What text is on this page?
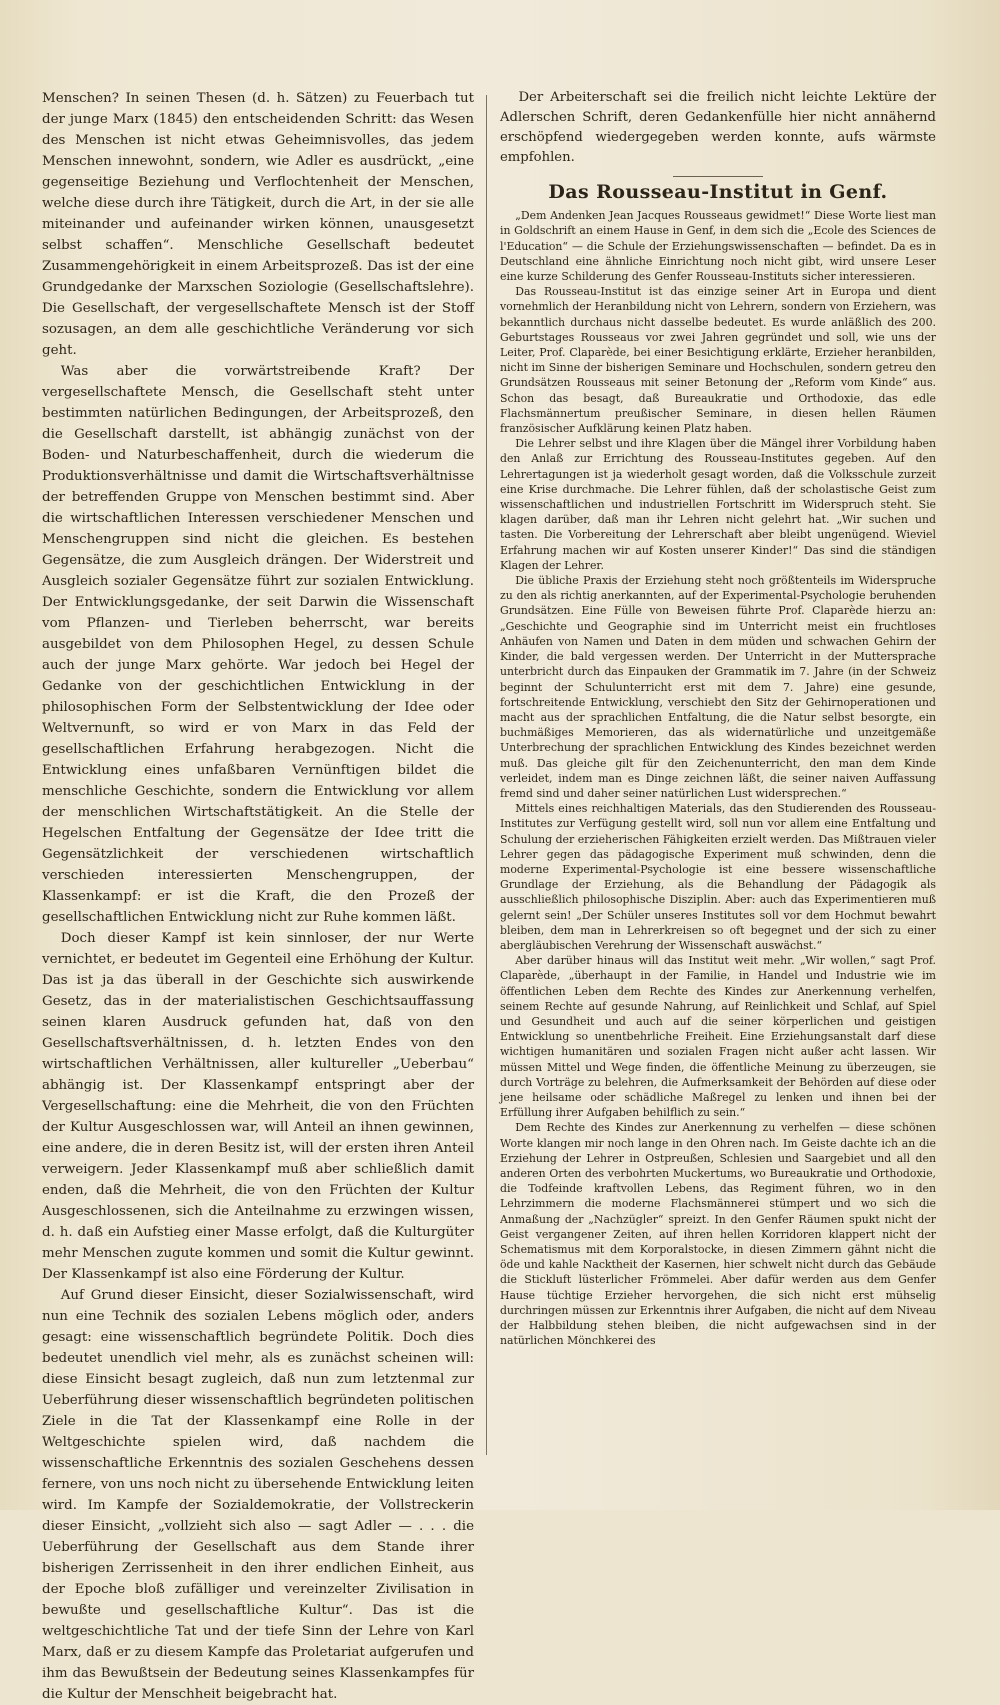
Menschen? In seinen Thesen (d. h. Sätzen) zu Feuerbach tut der junge Marx (1845) den entscheidenden Schritt: das Wesen des Menschen ist nicht etwas Geheimnisvolles, das jedem Menschen innewohnt, sondern, wie Adler es ausdrückt, „eine gegenseitige Beziehung und Verflochtenheit der Menschen, welche diese durch ihre Tätigkeit, durch die Art, in der sie alle miteinander und aufeinander wirken können, unausgesetzt selbst schaffen“. Menschliche Gesellschaft bedeutet Zusammengehörigkeit in einem Arbeitsprozeß. Das ist der eine Grundgedanke der Marxschen Soziologie (Gesellschaftslehre). Die Gesellschaft, der vergesellschaftete Mensch ist der Stoff sozusagen, an dem alle geschichtliche Veränderung vor sich geht.

Was aber die vorwärtstreibende Kraft? Der vergesellschaftete Mensch, die Gesellschaft steht unter bestimmten natürlichen Bedingungen, der Arbeitsprozeß, den die Gesellschaft darstellt, ist abhängig zunächst von der Boden- und Naturbeschaffenheit, durch die wiederum die Produktionsverhältnisse und damit die Wirtschaftsverhältnisse der betreffenden Gruppe von Menschen bestimmt sind. Aber die wirtschaftlichen Interessen verschiedener Menschen und Menschengruppen sind nicht die gleichen. Es bestehen Gegensätze, die zum Ausgleich drängen. Der Widerstreit und Ausgleich sozialer Gegensätze führt zur sozialen Entwicklung. Der Entwicklungsgedanke, der seit Darwin die Wissenschaft vom Pflanzen- und Tierleben beherrscht, war bereits ausgebildet von dem Philosophen Hegel, zu dessen Schule auch der junge Marx gehörte. War jedoch bei Hegel der Gedanke von der geschichtlichen Entwicklung in der philosophischen Form der Selbstentwicklung der Idee oder Weltvernunft, so wird er von Marx in das Feld der gesellschaftlichen Erfahrung herabgezogen. Nicht die Entwicklung eines unfaßbaren Vernünftigen bildet die menschliche Geschichte, sondern die Entwicklung vor allem der menschlichen Wirtschaftstätigkeit. An die Stelle der Hegelschen Entfaltung der Gegensätze der Idee tritt die Gegensätzlichkeit der verschiedenen wirtschaftlich verschieden interessierten Menschengruppen, der Klassenkampf: er ist die Kraft, die den Prozeß der gesellschaftlichen Entwicklung nicht zur Ruhe kommen läßt.

Doch dieser Kampf ist kein sinnloser, der nur Werte vernichtet, er bedeutet im Gegenteil eine Erhöhung der Kultur. Das ist ja das überall in der Geschichte sich auswirkende Gesetz, das in der materialistischen Geschichtsauffassung seinen klaren Ausdruck gefunden hat, daß von den Gesellschaftsverhältnissen, d. h. letzten Endes von den wirtschaftlichen Verhältnissen, aller kultureller „Ueberbau“ abhängig ist. Der Klassenkampf entspringt aber der Vergesellschaftung: eine die Mehrheit, die von den Früchten der Kultur Ausgeschlossen war, will Anteil an ihnen gewinnen, eine andere, die in deren Besitz ist, will der ersten ihren Anteil verweigern. Jeder Klassenkampf muß aber schließlich damit enden, daß die Mehrheit, die von den Früchten der Kultur Ausgeschlossenen, sich die Anteilnahme zu erzwingen wissen, d. h. daß ein Aufstieg einer Masse erfolgt, daß die Kulturgüter mehr Menschen zugute kommen und somit die Kultur gewinnt. Der Klassenkampf ist also eine Förderung der Kultur.

Auf Grund dieser Einsicht, dieser Sozialwissenschaft, wird nun eine Technik des sozialen Lebens möglich oder, anders gesagt: eine wissenschaftlich begründete Politik. Doch dies bedeutet unendlich viel mehr, als es zunächst scheinen will: diese Einsicht besagt zugleich, daß nun zum letztenmal zur Ueberführung dieser wissenschaftlich begründeten politischen Ziele in die Tat der Klassenkampf eine Rolle in der Weltgeschichte spielen wird, daß nachdem die wissenschaftliche Erkenntnis des sozialen Geschehens dessen fernere, von uns noch nicht zu übersehende Entwicklung leiten wird. Im Kampfe der Sozialdemokratie, der Vollstreckerin dieser Einsicht, „vollzieht sich also — sagt Adler — . . . die Ueberführung der Gesellschaft aus dem Stande ihrer bisherigen Zerrissenheit in den ihrer endlichen Einheit, aus der Epoche bloß zufälliger und vereinzelter Zivilisation in bewußte und gesellschaftliche Kultur“. Das ist die weltgeschichtliche Tat und der tiefe Sinn der Lehre von Karl Marx, daß er zu diesem Kampfe das Proletariat aufgerufen und ihm das Bewußtsein der Bedeutung seines Klassenkampfes für die Kultur der Menschheit beigebracht hat.

Der Arbeiterschaft sei die freilich nicht leichte Lektüre der Adlerschen Schrift, deren Gedankenfülle hier nicht annähernd erschöpfend wiedergegeben werden konnte, aufs wärmste empfohlen.

Das Rousseau-Institut in Genf.

„Dem Andenken Jean Jacques Rousseaus gewidmet!“ Diese Worte liest man in Goldschrift an einem Hause in Genf, in dem sich die „Ecole des Sciences de l'Education“ — die Schule der Erziehungswissenschaften — befindet. Da es in Deutschland eine ähnliche Einrichtung noch nicht gibt, wird unsere Leser eine kurze Schilderung des Genfer Rousseau-Instituts sicher interessieren.

Das Rousseau-Institut ist das einzige seiner Art in Europa und dient vornehmlich der Heranbildung nicht von Lehrern, sondern von Erziehern, was bekanntlich durchaus nicht dasselbe bedeutet. Es wurde anläßlich des 200. Geburtstages Rousseaus vor zwei Jahren gegründet und soll, wie uns der Leiter, Prof. Claparède, bei einer Besichtigung erklärte, Erzieher heranbilden, nicht im Sinne der bisherigen Seminare und Hochschulen, sondern getreu den Grundsätzen Rousseaus mit seiner Betonung der „Reform vom Kinde“ aus. Schon das besagt, daß Bureaukratie und Orthodoxie, das edle Flachsmännertum preußischer Seminare, in diesen hellen Räumen französischer Aufklärung keinen Platz haben.

Die Lehrer selbst und ihre Klagen über die Mängel ihrer Vorbildung haben den Anlaß zur Errichtung des Rousseau-Institutes gegeben. Auf den Lehrertagungen ist ja wiederholt gesagt worden, daß die Volksschule zurzeit eine Krise durchmache. Die Lehrer fühlen, daß der scholastische Geist zum wissenschaftlichen und industriellen Fortschritt im Widerspruch steht. Sie klagen darüber, daß man ihr Lehren nicht gelehrt hat. „Wir suchen und tasten. Die Vorbereitung der Lehrerschaft aber bleibt ungenügend. Wieviel Erfahrung machen wir auf Kosten unserer Kinder!“ Das sind die ständigen Klagen der Lehrer.

Die übliche Praxis der Erziehung steht noch größtenteils im Widerspruche zu den als richtig anerkannten, auf der Experimental-Psychologie beruhenden Grundsätzen. Eine Fülle von Beweisen führte Prof. Claparède hierzu an: „Geschichte und Geographie sind im Unterricht meist ein fruchtloses Anhäufen von Namen und Daten in dem müden und schwachen Gehirn der Kinder, die bald vergessen werden. Der Unterricht in der Muttersprache unterbricht durch das Einpauken der Grammatik im 7. Jahre (in der Schweiz beginnt der Schulunterricht erst mit dem 7. Jahre) eine gesunde, fortschreitende Entwicklung, verschiebt den Sitz der Gehirnoperationen und macht aus der sprachlichen Entfaltung, die die Natur selbst besorgte, ein buchmäßiges Memorieren, das als widernatürliche und unzeitgemäße Unterbrechung der sprachlichen Entwicklung des Kindes bezeichnet werden muß. Das gleiche gilt für den Zeichenunterricht, den man dem Kinde verleidet, indem man es Dinge zeichnen läßt, die seiner naiven Auffassung fremd sind und daher seiner natürlichen Lust widersprechen.“

Mittels eines reichhaltigen Materials, das den Studierenden des Rousseau-Institutes zur Verfügung gestellt wird, soll nun vor allem eine Entfaltung und Schulung der erzieherischen Fähigkeiten erzielt werden. Das Mißtrauen vieler Lehrer gegen das pädagogische Experiment muß schwinden, denn die moderne Experimental-Psychologie ist eine bessere wissenschaftliche Grundlage der Erziehung, als die Behandlung der Pädagogik als ausschließlich philosophische Disziplin. Aber: auch das Experimentieren muß gelernt sein! „Der Schüler unseres Institutes soll vor dem Hochmut bewahrt bleiben, dem man in Lehrerkreisen so oft begegnet und der sich zu einer abergläubischen Verehrung der Wissenschaft auswächst.“

Aber darüber hinaus will das Institut weit mehr. „Wir wollen,“ sagt Prof. Claparède, „überhaupt in der Familie, in Handel und Industrie wie im öffentlichen Leben dem Rechte des Kindes zur Anerkennung verhelfen, seinem Rechte auf gesunde Nahrung, auf Reinlichkeit und Schlaf, auf Spiel und Gesundheit und auch auf die seiner körperlichen und geistigen Entwicklung so unentbehrliche Freiheit. Eine Erziehungsanstalt darf diese wichtigen humanitären und sozialen Fragen nicht außer acht lassen. Wir müssen Mittel und Wege finden, die öffentliche Meinung zu überzeugen, sie durch Vorträge zu belehren, die Aufmerksamkeit der Behörden auf diese oder jene heilsame oder schädliche Maßregel zu lenken und ihnen bei der Erfüllung ihrer Aufgaben behilflich zu sein.“

Dem Rechte des Kindes zur Anerkennung zu verhelfen — diese schönen Worte klangen mir noch lange in den Ohren nach. Im Geiste dachte ich an die Erziehung der Lehrer in Ostpreußen, Schlesien und Saargebiet und all den anderen Orten des verbohrten Muckertums, wo Bureaukratie und Orthodoxie, die Todfeinde kraftvollen Lebens, das Regiment führen, wo in den Lehrzimmern die moderne Flachsmännerei stümpert und wo sich die Anmaßung der „Nachzügler“ spreizt. In den Genfer Räumen spukt nicht der Geist vergangener Zeiten, auf ihren hellen Korridoren klappert nicht der Schematismus mit dem Korporalstocke, in diesen Zimmern gähnt nicht die öde und kahle Nacktheit der Kasernen, hier schwelt nicht durch das Gebäude die Stickluft lüsterlicher Frömmelei. Aber dafür werden aus dem Genfer Hause tüchtige Erzieher hervorgehen, die sich nicht erst mühselig durchringen müssen zur Erkenntnis ihrer Aufgaben, die nicht auf dem Niveau der Halbbildung stehen bleiben, die nicht aufgewachsen sind in der natürlichen Mönchkerei des
